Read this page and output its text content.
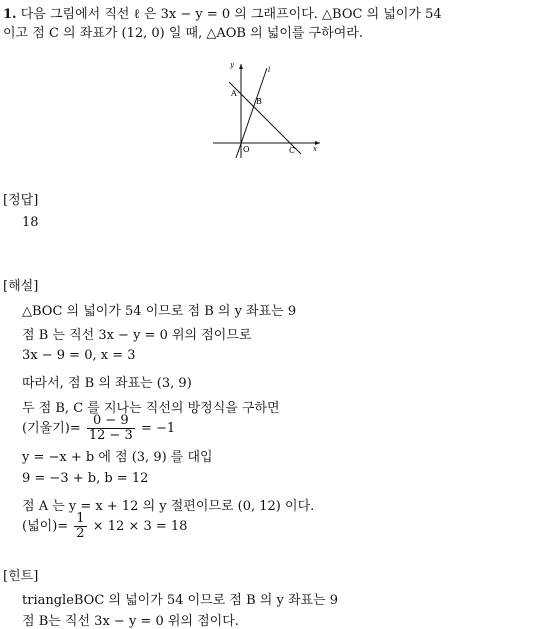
1. 다음 그림에서 직선 ℓ 은 3x − y = 0 의 그래프이다. △BOC 의 넓이가 54
이고 점 C 의 좌표가 (12, 0) 일 때, △AOB 의 넓이를 구하여라.
y
x
l
A
B
O	C
[정답]
18
[해설]
△BOC 의 넓이가 54 이므로 점 B 의 y 좌표는 9
점 B 는 직선 3x − y = 0 위의 점이므로
3x − 9 = 0, x = 3
따라서, 점 B 의 좌표는 (3, 9)
두 점 B, C 를 지나는 직선의 방정식을 구하면
(기울기)= $\frac{0 - 9}{12 - 3} = -1$
y = −x + b 에 점 (3, 9) 를 대입
9 = −3 + b, b = 12
점 A 는 y = x + 12 의 y 절편이므로 (0, 12) 이다.
(넓이)= $\frac{1}{2} \times 12 \times 3 = 18$
[힌트]
triangleBOC 의 넓이가 54 이므로 점 B 의 y 좌표는 9
점 B는 직선 3x − y = 0 위의 점이다.
